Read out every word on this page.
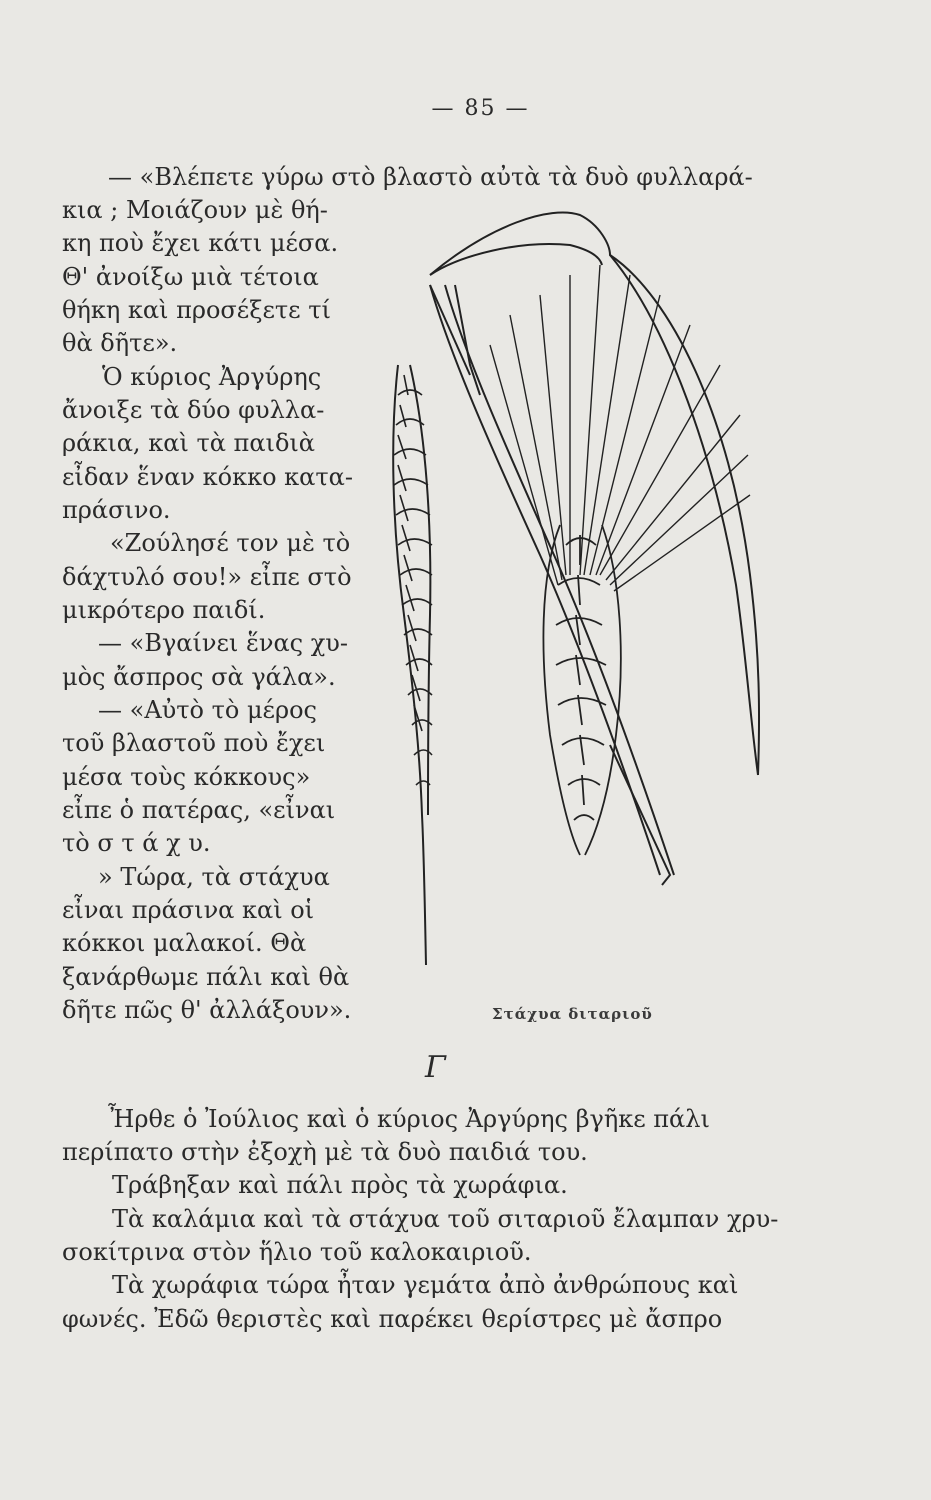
— 85 —
— «Βλέπετε γύρω στὸ βλαστὸ αὐτὰ τὰ δυὸ φυλλαρά-
κια ; Μοιάζουν μὲ θή-
κη ποὺ ἔχει κάτι μέσα.
Θ' ἀνοίξω μιὰ τέτοια
θήκη καὶ προσέξετε τί
θὰ δῆτε».
Ὁ κύριος Ἀργύρης
ἄνοιξε τὰ δύο φυλλα-
ράκια, καὶ τὰ παιδιὰ
εἶδαν ἕναν κόκκο κατα-
πράσινο.
«Ζούλησέ τον μὲ τὸ
δάχτυλό σου!» εἶπε στὸ
μικρότερο παιδί.
— «Βγαίνει ἕνας χυ-
μὸς ἄσπρος σὰ γάλα».
— «Αὐτὸ τὸ μέρος
τοῦ βλαστοῦ ποὺ ἔχει
μέσα τοὺς κόκκους»
εἶπε ὁ πατέρας, «εἶναι
τὸ σ τ ά χ υ.
» Τώρα, τὰ στάχυα
εἶναι πράσινα καὶ οἱ
κόκκοι μαλακοί. Θὰ
ξανάρθωμε πάλι καὶ θὰ
δῆτε πῶς θ' ἀλλάξουν».	Στάχυα διταριοῦ
Γ
Ἦρθε ὁ Ἰούλιος καὶ ὁ κύριος Ἀργύρης βγῆκε πάλι
περίπατο στὴν ἐξοχὴ μὲ τὰ δυὸ παιδιά του.
Τράβηξαν καὶ πάλι πρὸς τὰ χωράφια.
Τὰ καλάμια καὶ τὰ στάχυα τοῦ σιταριοῦ ἔλαμπαν χρυ-
σοκίτρινα στὸν ἥλιο τοῦ καλοκαιριοῦ.
Τὰ χωράφια τώρα ἦταν γεμάτα ἀπὸ ἀνθρώπους καὶ
φωνές. Ἐδῶ θεριστὲς καὶ παρέκει θερίστρες μὲ ἄσπρο
